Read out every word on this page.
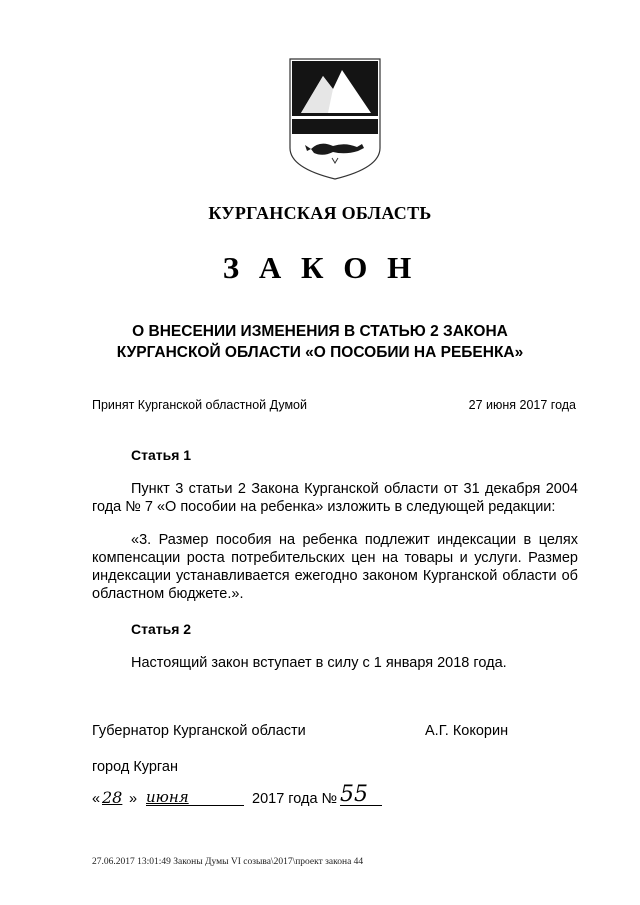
КУРГАНСКАЯ ОБЛАСТЬ
З А К О Н
О ВНЕСЕНИИ ИЗМЕНЕНИЯ В СТАТЬЮ 2 ЗАКОНА
КУРГАНСКОЙ ОБЛАСТИ «О ПОСОБИИ НА РЕБЕНКА»
Принят Курганской областной Думой	27 июня 2017 года
Статья 1

Пункт 3 статьи 2 Закона Курганской области от 31 декабря 2004 года № 7 «О пособии на ребенка» изложить в следующей редакции:

«3. Размер пособия на ребенка подлежит индексации в целях компенсации роста потребительских цен на товары и услуги. Размер индексации устанавливается ежегодно законом Курганской области об областном бюджете.».

Статья 2

Настоящий закон вступает в силу с 1 января 2018 года.

Губернатор Курганской области	А.Г. Кокорин
город Курган
« 28 » июня	2017 года № 55
27.06.2017 13:01:49 Законы Думы VI созыва\2017\проект закона 44
